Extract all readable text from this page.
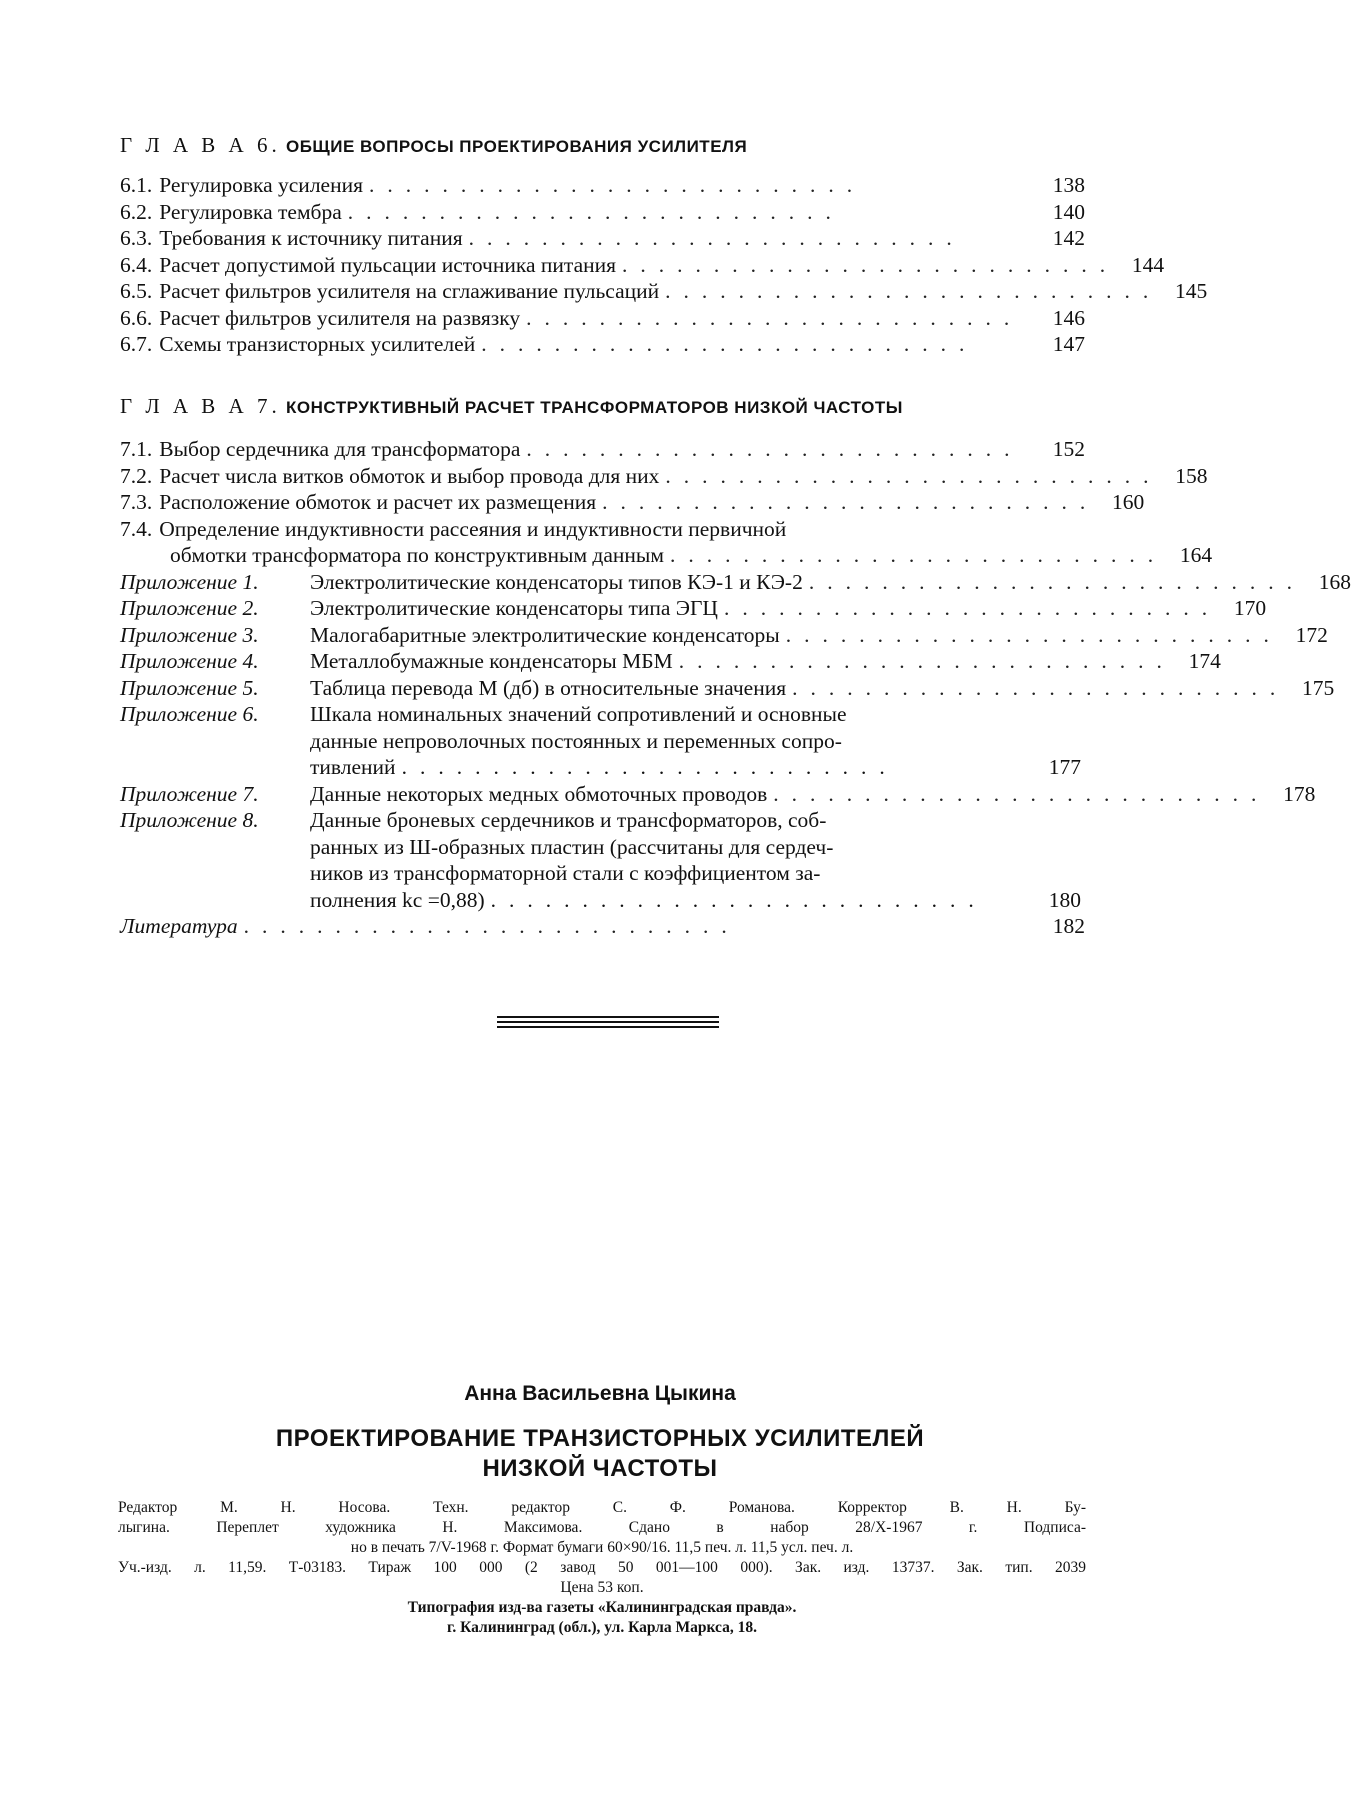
Г Л А В А 6. ОБЩИЕ ВОПРОСЫ ПРОЕКТИРОВАНИЯ УСИЛИТЕЛЯ

6.1. Регулировка усиления ...........................	138
6.2. Регулировка тембра ...........................	140
6.3. Требования к источнику питания ...........................	142
6.4. Расчет допустимой пульсации источника питания ........................... 144
6.5. Расчет фильтров усилителя на сглаживание пульсаций ........................... 145
6.6. Расчет фильтров усилителя на развязку ...........................	146
6.7. Схемы транзисторных усилителей ...........................	147

Г Л А В А 7. КОНСТРУКТИВНЫЙ РАСЧЕТ ТРАНСФОРМАТОРОВ НИЗКОЙ ЧАСТОТЫ

7.1. Выбор сердечника для трансформатора ...........................	152
7.2. Расчет числа витков обмоток и выбор провода для них ........................... 158
7.3. Расположение обмоток и расчет их размещения ........................... 160
7.4. Определение индуктивности рассеяния и индуктивности первичной
обмотки трансформатора по конструктивным данным ........................... 164
Приложение 1.	Электролитические конденсаторы типов КЭ-1 и КЭ-2 ........................... 168
Приложение 2.	Электролитические конденсаторы типа ЭГЦ ........................... 170
Приложение 3.	Малогабаритные электролитические конденсаторы ........................... 172
Приложение 4.	Металлобумажные конденсаторы МБМ ........................... 174
Приложение 5.	Таблица перевода М (дб) в относительные значения ........................... 175
Приложение 6.	Шкала номинальных значений сопротивлений и основные
данные непроволочных постоянных и переменных сопро-
тивлений ...........................	177
Приложение 7.	Данные некоторых медных обмоточных проводов ........................... 178
Приложение 8.	Данные броневых сердечников и трансформаторов, соб-
ранных из Ш-образных пластин (рассчитаны для сердеч-
ников из трансформаторной стали с коэффициентом за-
полнения kс =0,88) ...........................	180
Литература ...........................	182
Анна Васильевна Цыкина
ПРОЕКТИРОВАНИЕ ТРАНЗИСТОРНЫХ УСИЛИТЕЛЕЙ
НИЗКОЙ ЧАСТОТЫ
Редактор М. Н. Носова. Техн. редактор С. Ф. Романова. Корректор В. Н. Бу-
лыгина. Переплет художника Н. Максимова. Сдано в набор 28/X-1967 г. Подписа-
но в печать 7/V-1968 г. Формат бумаги 60×90/16. 11,5 печ. л. 11,5 усл. печ. л.
Уч.-изд. л. 11,59. Т-03183. Тираж 100 000 (2 завод 50 001—100 000). Зак. изд. 13737. Зак. тип. 2039
Цена 53 коп.
Типография изд-ва газеты «Калининградская правда».
г. Калининград (обл.), ул. Карла Маркса, 18.
